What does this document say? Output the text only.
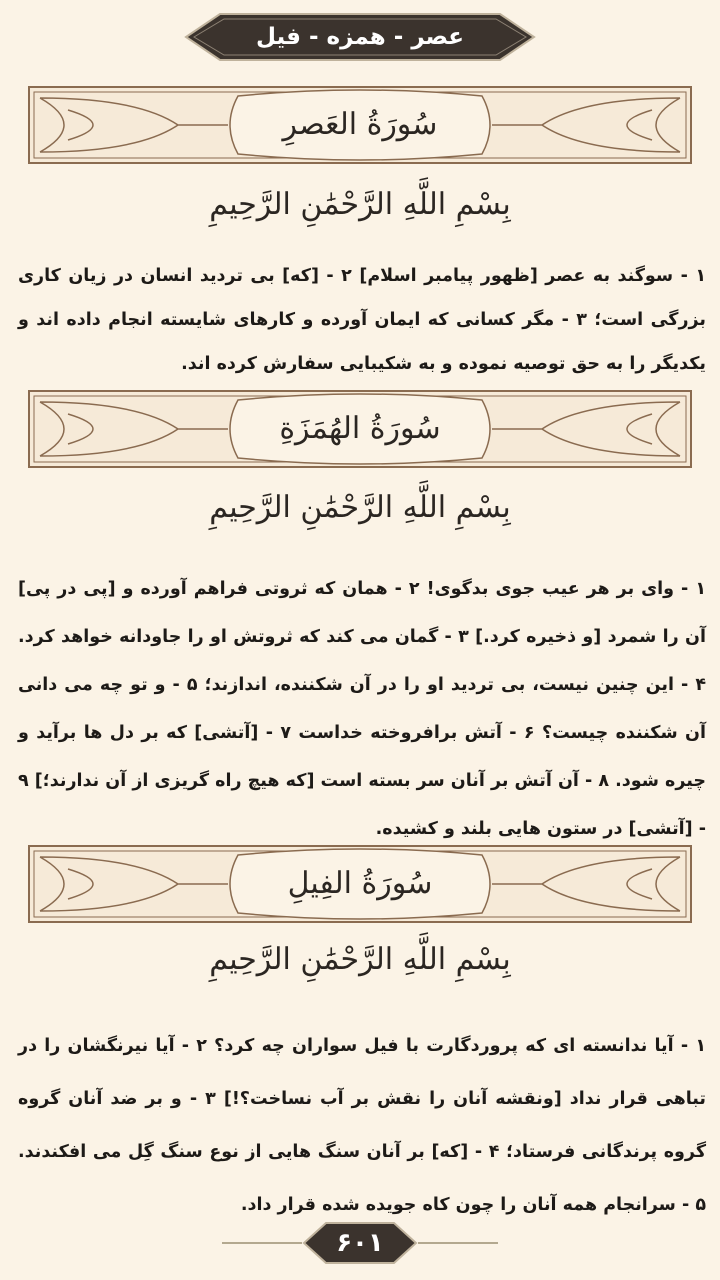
عصر - همزه - فیل
سُورَةُ العَصرِ
بِسْمِ اللَّهِ الرَّحْمَٰنِ الرَّحِيمِ
۱ - سوگند به عصر [ظهور پیامبر اسلام] ۲ - [که] بی تردید انسان در زیان کاری بزرگی است؛ ۳ - مگر کسانی که ایمان آورده و کارهای شایسته انجام داده اند و یکدیگر را به حق توصیه نموده و به شکیبایی سفارش کرده اند.
سُورَةُ الهُمَزَةِ
بِسْمِ اللَّهِ الرَّحْمَٰنِ الرَّحِيمِ
۱ - وای بر هر عیب جوی بدگوی! ۲ - همان که ثروتی فراهم آورده و [پی در پی] آن را شمرد [و ذخیره کرد.] ۳ - گمان می کند که ثروتش او را جاودانه خواهد کرد. ۴ - این چنین نیست، بی تردید او را در آن شکننده، اندازند؛ ۵ - و تو چه می دانی آن شکننده چیست؟ ۶ - آتش برافروخته خداست ۷ - [آتشی] که بر دل ها برآید و چیره شود. ۸ - آن آتش بر آنان سر بسته است [که هیچ راه گریزی از آن ندارند؛] ۹ - [آتشی] در ستون هایی بلند و کشیده.
سُورَةُ الفِيلِ
بِسْمِ اللَّهِ الرَّحْمَٰنِ الرَّحِيمِ
۱ - آیا ندانسته ای که پروردگارت با فیل سواران چه کرد؟ ۲ - آیا نیرنگشان را در تباهی قرار نداد [ونقشه آنان را نقش بر آب نساخت؟!] ۳ - و بر ضد آنان گروه گروه پرندگانی فرستاد؛ ۴ - [که] بر آنان سنگ هایی از نوع سنگ گِل می افکندند. ۵ - سرانجام همه آنان را چون کاه جویده شده قرار داد.
۶۰۱
